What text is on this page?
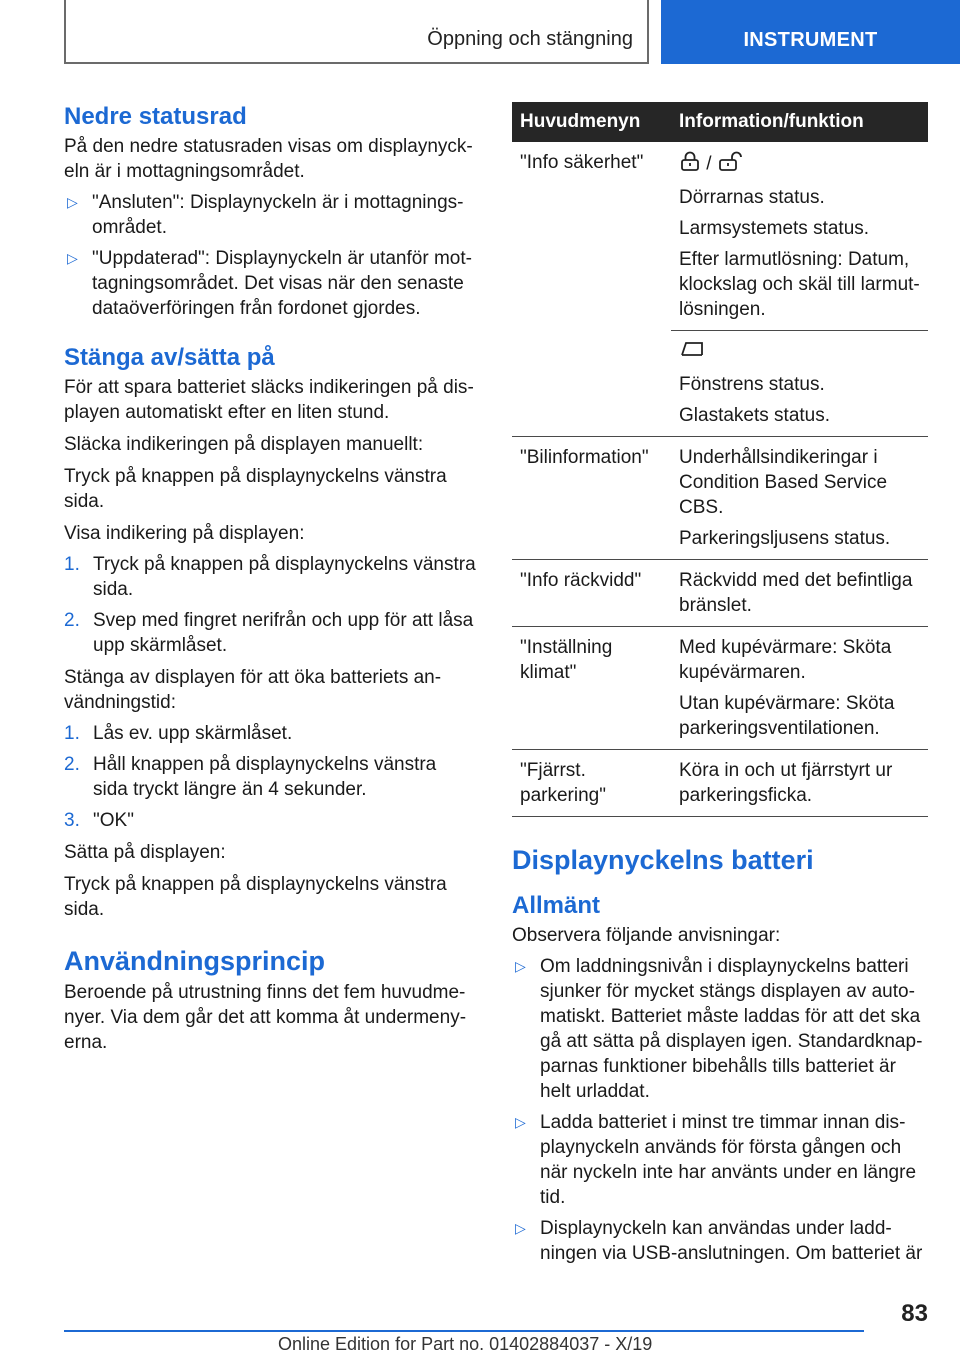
Öppning och stängning	INSTRUMENT
Nedre statusrad

På den nedre statusraden visas om displaynyckeln är i mottagningsområdet.

▷ "Ansluten": Displaynyckeln är i mottagningsområdet.
▷ "Uppdaterad": Displaynyckeln är utanför mottagningsområdet. Det visas när den senaste dataöverföringen från fordonet gjordes.
Stänga av/sätta på

För att spara batteriet släcks indikeringen på displayen automatiskt efter en liten stund.

Släcka indikeringen på displayen manuellt:

Tryck på knappen på displaynyckelns vänstra sida.

Visa indikering på displayen:

1. Tryck på knappen på displaynyckelns vänstra sida.
2. Svep med fingret nerifrån och upp för att låsa upp skärmlåset.

Stänga av displayen för att öka batteriets användningstid:

1. Lås ev. upp skärmlåset.
2. Håll knappen på displaynyckelns vänstra sida tryckt längre än 4 sekunder.
3. "OK"

Sätta på displayen:

Tryck på knappen på displaynyckelns vänstra sida.

Användningsprincip

Beroende på utrustning finns det fem huvudmenyer. Via dem går det att komma åt undermenyerna.

Huvudmenyn	Information/funktion
"Info säkerhet"	/

Dörrarnas status.

Larmsystemets status.

Efter larmutlösning: Datum, klockslag och skäl till larmutlösningen.

	Fönstrens status.

Glastakets status.

"Bilinformation"	Underhållsindikeringar i Condition Based Service CBS.

Parkeringsljusens status.

"Info räckvidd"	Räckvidd med det befintliga bränslet.

"Inställning klimat"	Med kupévärmare: Sköta kupévärmaren.

Utan kupévärmare: Sköta parkeringsventilationen.

"Fjärrst. parkering"	Köra in och ut fjärrstyrt ur parkeringsficka.

Displaynyckelns batteri
Allmänt

Observera följande anvisningar:

▷ Om laddningsnivån i displaynyckelns batteri sjunker för mycket stängs displayen av automatiskt. Batteriet måste laddas för att det ska gå att sätta på displayen igen. Standardknapparnas funktioner bibehålls tills batteriet är helt urladdat.
▷ Ladda batteriet i minst tre timmar innan displaynyckeln används för första gången och när nyckeln inte har använts under en längre tid.
▷ Displaynyckeln kan användas under laddningen via USB-anslutningen. Om batteriet är
83
Online Edition for Part no. 01402884037 - X/19
